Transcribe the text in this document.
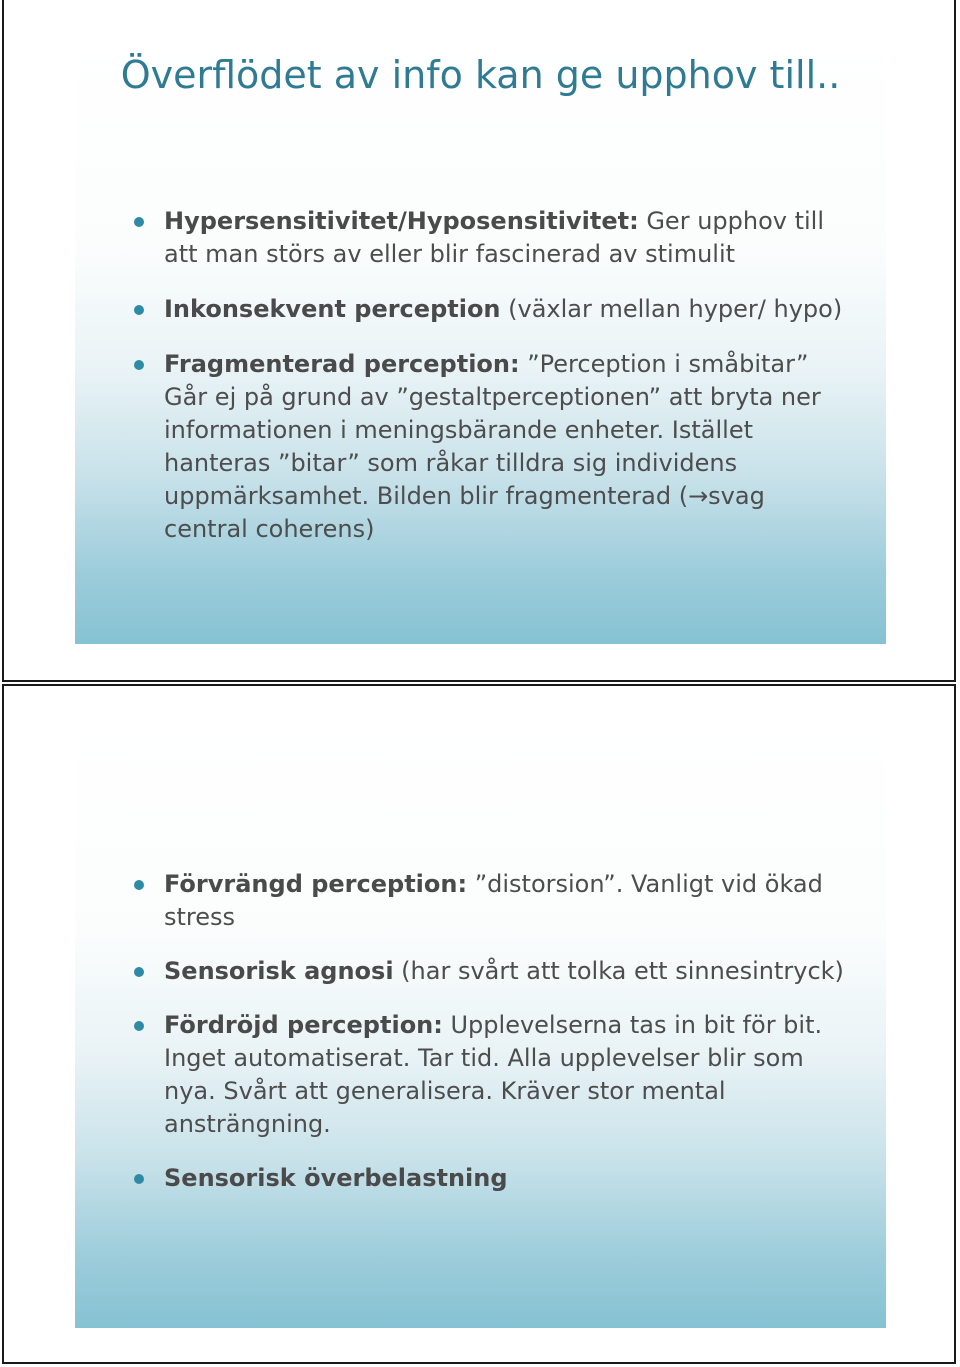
Överflödet av info kan ge upphov till..
Hypersensitivitet/Hyposensitivitet: Ger upphov till att man störs av eller blir fascinerad av stimulit
Inkonsekvent perception (växlar mellan hyper/ hypo)
Fragmenterad perception: ”Perception i småbitar” Går ej på grund av ”gestaltperceptionen” att bryta ner informationen i meningsbärande enheter. Istället hanteras ”bitar” som råkar tilldra sig individens uppmärksamhet. Bilden blir fragmenterad (→svag central coherens)
Förvrängd perception: ”distorsion”. Vanligt vid ökad stress
Sensorisk agnosi (har svårt att tolka ett sinnesintryck)
Fördröjd perception: Upplevelserna tas in bit för bit. Inget automatiserat. Tar tid. Alla upplevelser blir som nya. Svårt att generalisera. Kräver stor mental ansträngning.
Sensorisk överbelastning
